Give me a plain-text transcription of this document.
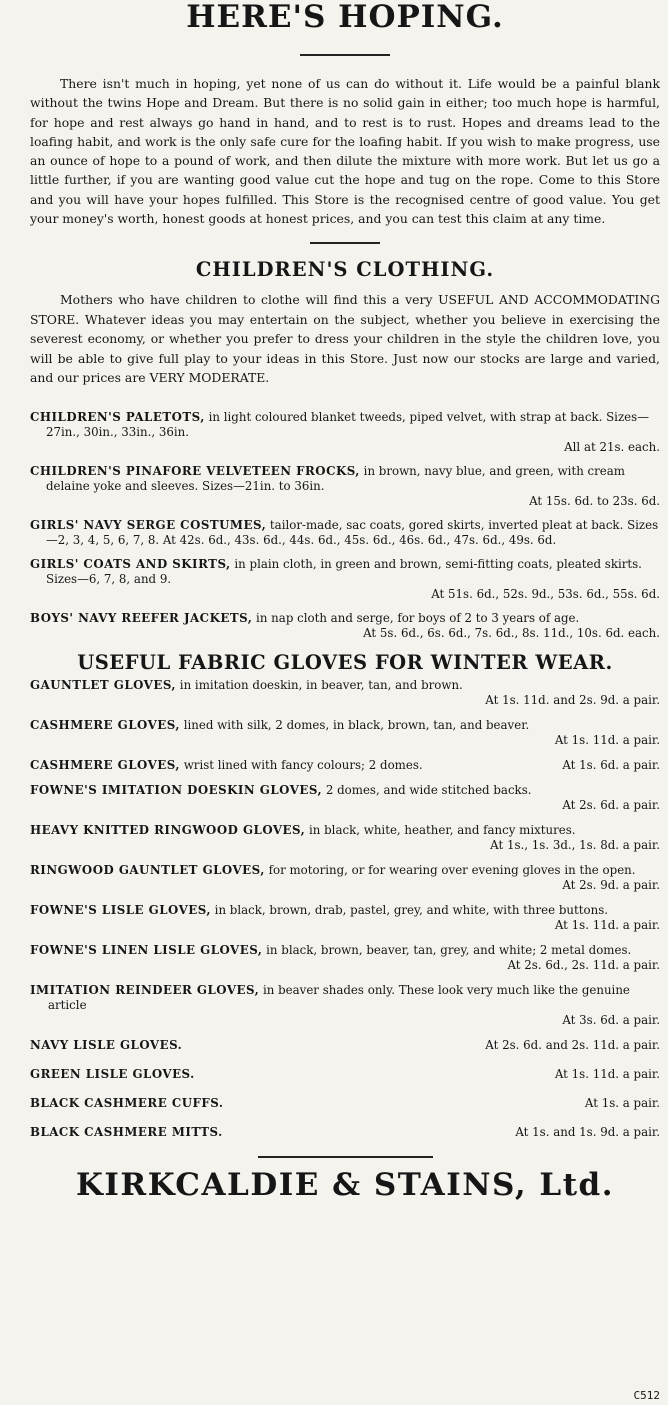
HERE'S HOPING.

There isn't much in hoping, yet none of us can do without it. Life would be a painful blank without the twins Hope and Dream. But there is no solid gain in either; too much hope is harmful, for hope and rest always go hand in hand, and to rest is to rust. Hopes and dreams lead to the loafing habit, and work is the only safe cure for the loafing habit. If you wish to make progress, use an ounce of hope to a pound of work, and then dilute the mixture with more work. But let us go a little further, if you are wanting good value cut the hope and tug on the rope. Come to this Store and you will have your hopes fulfilled. This Store is the recognised centre of good value. You get your money's worth, honest goods at honest prices, and you can test this claim at any time.

CHILDREN'S CLOTHING.

Mothers who have children to clothe will find this a very USEFUL AND ACCOMMODATING STORE. Whatever ideas you may entertain on the subject, whether you believe in exercising the severest economy, or whether you prefer to dress your children in the style the children love, you will be able to give full play to your ideas in this Store. Just now our stocks are large and varied, and our prices are VERY MODERATE.

CHILDREN'S PALETOTS, in light coloured blanket tweeds, piped velvet, with strap at back. Sizes—27in., 30in., 33in., 36in.
All at 21s. each.
CHILDREN'S PINAFORE VELVETEEN FROCKS, in brown, navy blue, and green, with cream delaine yoke and sleeves. Sizes—21in. to 36in.
At 15s. 6d. to 23s. 6d.
GIRLS' NAVY SERGE COSTUMES, tailor-made, sac coats, gored skirts, inverted pleat at back. Sizes—2, 3, 4, 5, 6, 7, 8. At 42s. 6d., 43s. 6d., 44s. 6d., 45s. 6d., 46s. 6d., 47s. 6d., 49s. 6d.
GIRLS' COATS AND SKIRTS, in plain cloth, in green and brown, semi-fitting coats, pleated skirts. Sizes—6, 7, 8, and 9.
At 51s. 6d., 52s. 9d., 53s. 6d., 55s. 6d.
BOYS' NAVY REEFER JACKETS, in nap cloth and serge, for boys of 2 to 3 years of age.
At 5s. 6d., 6s. 6d., 7s. 6d., 8s. 11d., 10s. 6d. each.
USEFUL FABRIC GLOVES FOR WINTER WEAR.
GAUNTLET GLOVES, in imitation doeskin, in beaver, tan, and brown.
At 1s. 11d. and 2s. 9d. a pair.
CASHMERE GLOVES, lined with silk, 2 domes, in black, brown, tan, and beaver.
At 1s. 11d. a pair.
CASHMERE GLOVES, wrist lined with fancy colours; 2 domes.	At 1s. 6d. a pair.
FOWNE'S IMITATION DOESKIN GLOVES, 2 domes, and wide stitched backs.
At 2s. 6d. a pair.
HEAVY KNITTED RINGWOOD GLOVES, in black, white, heather, and fancy mixtures.
At 1s., 1s. 3d., 1s. 8d. a pair.
RINGWOOD GAUNTLET GLOVES, for motoring, or for wearing over evening gloves in the open.
At 2s. 9d. a pair.
FOWNE'S LISLE GLOVES, in black, brown, drab, pastel, grey, and white, with three buttons.
At 1s. 11d. a pair.
FOWNE'S LINEN LISLE GLOVES, in black, brown, beaver, tan, grey, and white; 2 metal domes.
At 2s. 6d., 2s. 11d. a pair.
IMITATION REINDEER GLOVES, in beaver shades only. These look very much like the genuine article
At 3s. 6d. a pair.
NAVY LISLE GLOVES.	At 2s. 6d. and 2s. 11d. a pair.
GREEN LISLE GLOVES.	At 1s. 11d. a pair.
BLACK CASHMERE CUFFS.	At 1s. a pair.
BLACK CASHMERE MITTS.	At 1s. and 1s. 9d. a pair.
KIRKCALDIE & STAINS, Ltd.
C512
